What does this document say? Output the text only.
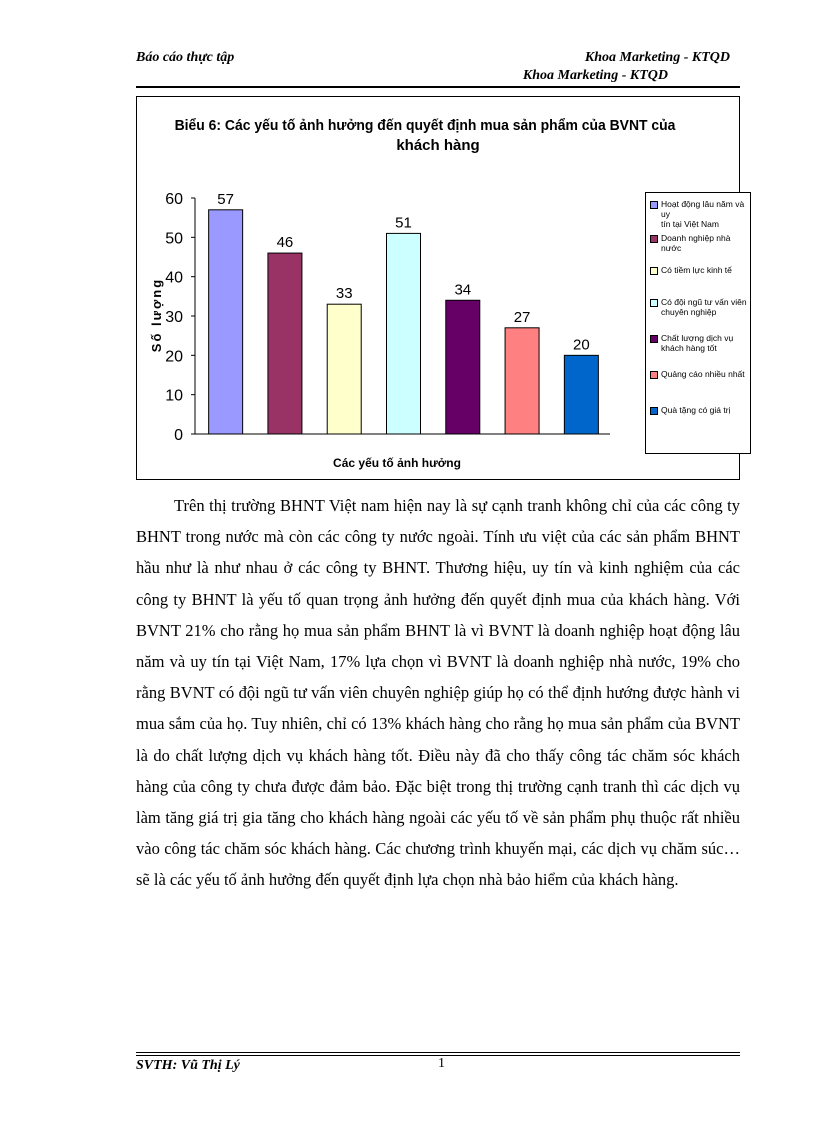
Báo cáo thực tập	Khoa Marketing - KTQD
Khoa Marketing - KTQD
Biểu 6: Các yếu tố ảnh hưởng đến quyết định mua sản phẩm của BVNT của
khách hàng
0
10
20
30
40
50
60
Số lượng
57
46
33
51
34
27
20
Các yếu tố ảnh hưởng
Hoạt động lâu năm và uy
tín tại Việt Nam
Doanh nghiệp nhà
nước
Có tiềm lực kinh tế
Có đội ngũ tư vấn viên
chuyên nghiệp
Chất lượng dịch vụ
khách hàng tốt
Quảng cáo nhiều nhất
Quà tặng có giá trị

Trên thị trường BHNT Việt nam hiện nay là sự cạnh tranh không chỉ của các công ty BHNT trong nước mà còn các công ty nước ngoài. Tính ưu việt của các sản phẩm BHNT hầu như là như nhau ở các công ty BHNT. Thương hiệu, uy tín và kinh nghiệm của các công ty BHNT là yếu tố quan trọng ảnh hưởng đến quyết định mua của khách hàng. Với BVNT 21% cho rằng họ mua sản phẩm BHNT là vì BVNT là doanh nghiệp hoạt động lâu năm và uy tín tại Việt Nam, 17% lựa chọn vì BVNT là doanh nghiệp nhà nước, 19% cho rằng BVNT có đội ngũ tư vấn viên chuyên nghiệp giúp họ có thể định hướng được hành vi mua sắm của họ. Tuy nhiên, chỉ có 13% khách hàng cho rằng họ mua sản phẩm của BVNT là do chất lượng dịch vụ khách hàng tốt. Điều này đã cho thấy công tác chăm sóc khách hàng của công ty chưa được đảm bảo. Đặc biệt trong thị trường cạnh tranh thì các dịch vụ làm tăng giá trị gia tăng cho khách hàng ngoài các yếu tố về sản phẩm phụ thuộc rất nhiều vào công tác chăm sóc khách hàng. Các chương trình khuyến mại, các dịch vụ chăm súc…sẽ là các yếu tố ảnh hưởng đến quyết định lựa chọn nhà bảo hiểm của khách hàng.

SVTH: Vũ Thị Lý	1
